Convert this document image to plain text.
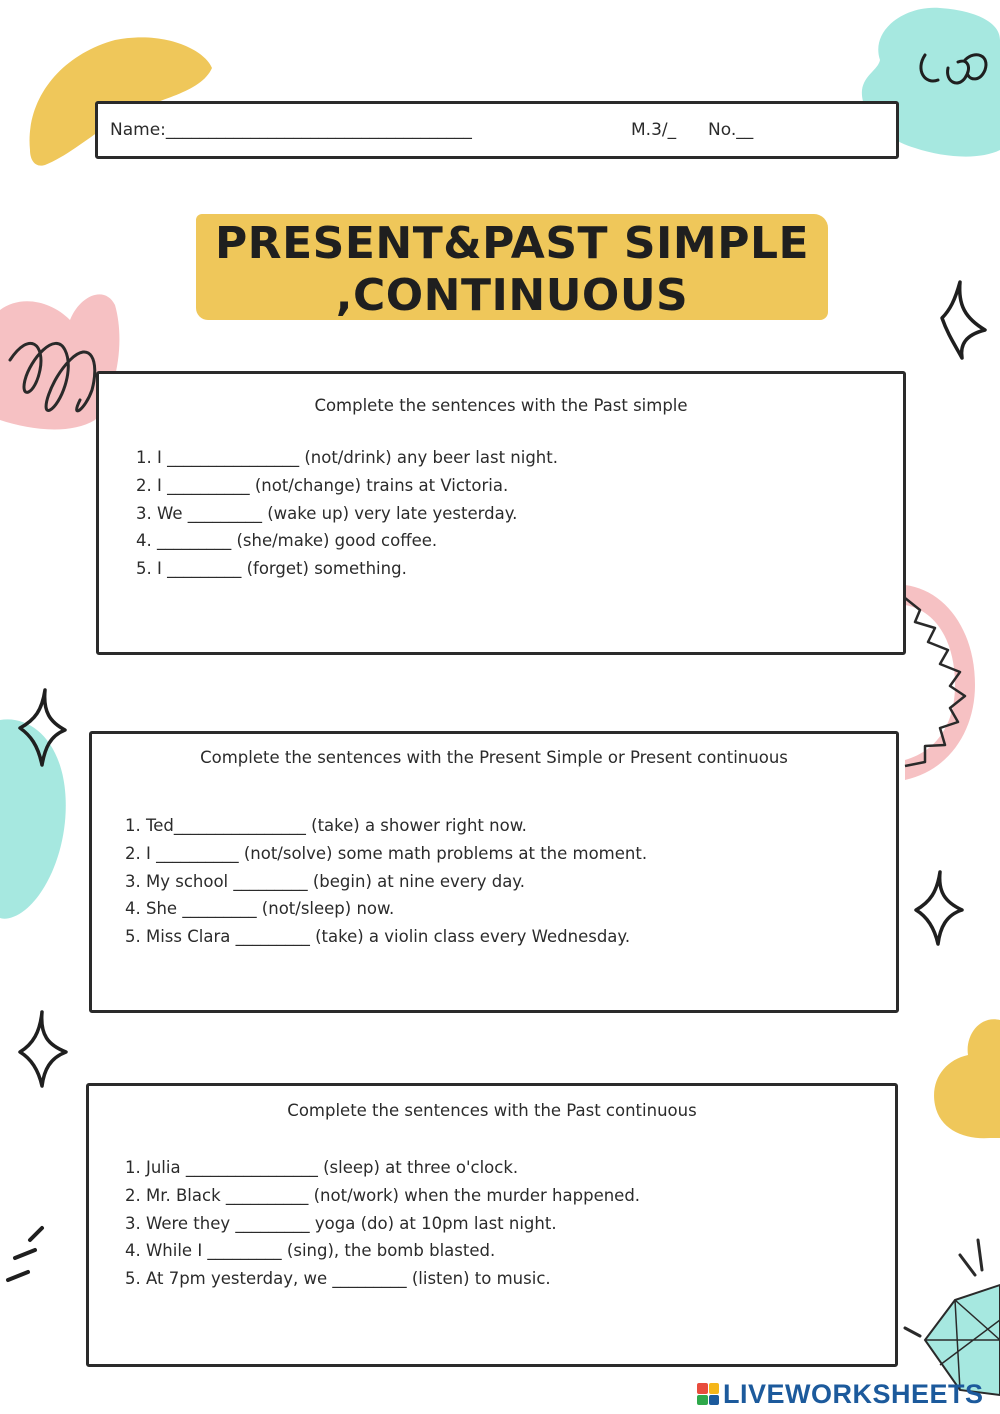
Name:____________________________________	M.3/_ No.__
PRESENT&PAST SIMPLE
,CONTINUOUS
Complete the sentences with the Past simple
1. I ________________ (not/drink) any beer last night.
2. I __________ (not/change) trains at Victoria.
3. We _________ (wake up) very late yesterday.
4. _________ (she/make) good coffee.
5. I _________ (forget) something.
Complete the sentences with the Present Simple or Present continuous
1. Ted________________ (take) a shower right now.
2. I __________ (not/solve) some math problems at the moment.
3. My school _________ (begin) at nine every day.
4. She _________ (not/sleep) now.
5. Miss Clara _________ (take) a violin class every Wednesday.
Complete the sentences with the Past continuous
1. Julia ________________ (sleep) at three o'clock.
2. Mr. Black __________ (not/work) when the murder happened.
3. Were they _________ yoga (do) at 10pm last night.
4. While I _________ (sing), the bomb blasted.
5. At 7pm yesterday, we _________ (listen) to music.
LIVEWORKSHEETS
